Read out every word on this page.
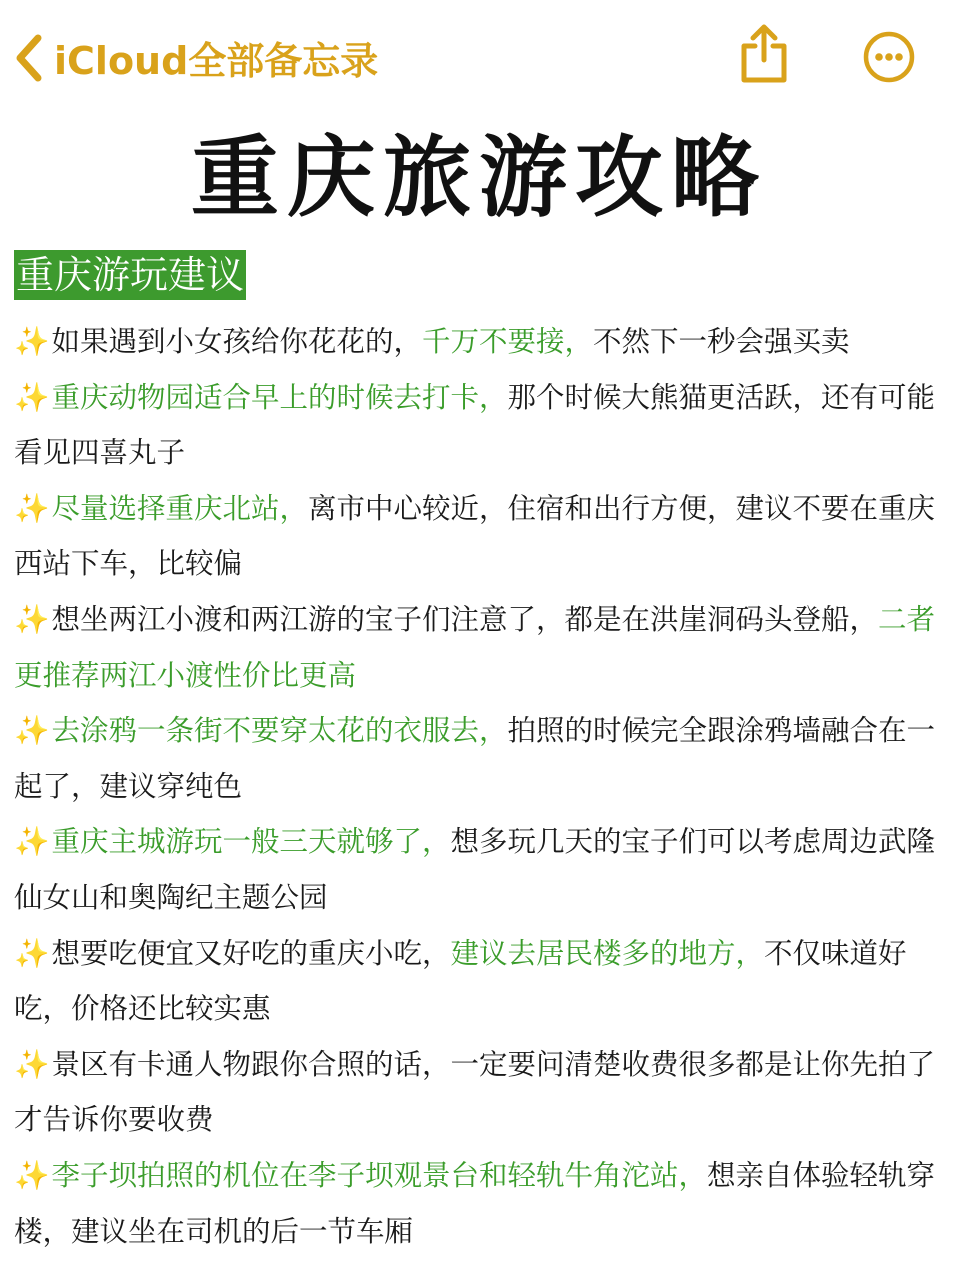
iCloud全部备忘录
重庆旅游攻略
重庆游玩建议

✨如果遇到小女孩给你花花的，千万不要接，不然下一秒会强买卖

✨重庆动物园适合早上的时候去打卡，那个时候大熊猫更活跃，还有可能看见四喜丸子

✨尽量选择重庆北站，离市中心较近，住宿和出行方便，建议不要在重庆西站下车，比较偏

✨想坐两江小渡和两江游的宝子们注意了，都是在洪崖洞码头登船，二者更推荐两江小渡性价比更高

✨去涂鸦一条街不要穿太花的衣服去，拍照的时候完全跟涂鸦墙融合在一起了，建议穿纯色

✨重庆主城游玩一般三天就够了，想多玩几天的宝子们可以考虑周边武隆仙女山和奥陶纪主题公园

✨想要吃便宜又好吃的重庆小吃，建议去居民楼多的地方，不仅味道好吃，价格还比较实惠

✨景区有卡通人物跟你合照的话，一定要问清楚收费很多都是让你先拍了才告诉你要收费

✨李子坝拍照的机位在李子坝观景台和轻轨牛角沱站，想亲自体验轻轨穿楼，建议坐在司机的后一节车厢
